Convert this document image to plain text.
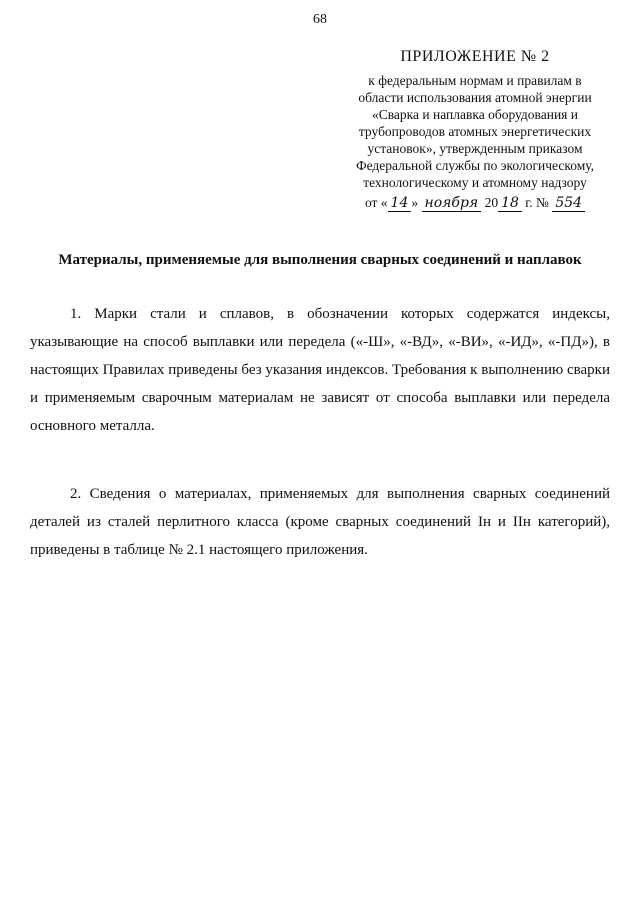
68
ПРИЛОЖЕНИЕ № 2
к федеральным нормам и правилам в
области использования атомной энергии
«Сварка и наплавка оборудования и
трубопроводов атомных энергетических
установок», утвержденным приказом
Федеральной службы по экологическому,
технологическому и атомному надзору
от « 14 » ноября 20 18 г. № 554
Материалы, применяемые для выполнения сварных соединений и наплавок

1. Марки стали и сплавов, в обозначении которых содержатся индексы, указывающие на способ выплавки или передела («-Ш», «-ВД», «-ВИ», «-ИД», «-ПД»), в настоящих Правилах приведены без указания индексов. Требования к выполнению сварки и применяемым сварочным материалам не зависят от способа выплавки или передела основного металла.

2. Сведения о материалах, применяемых для выполнения сварных соединений деталей из сталей перлитного класса (кроме сварных соединений Iн и IIн категорий), приведены в таблице № 2.1 настоящего приложения.
